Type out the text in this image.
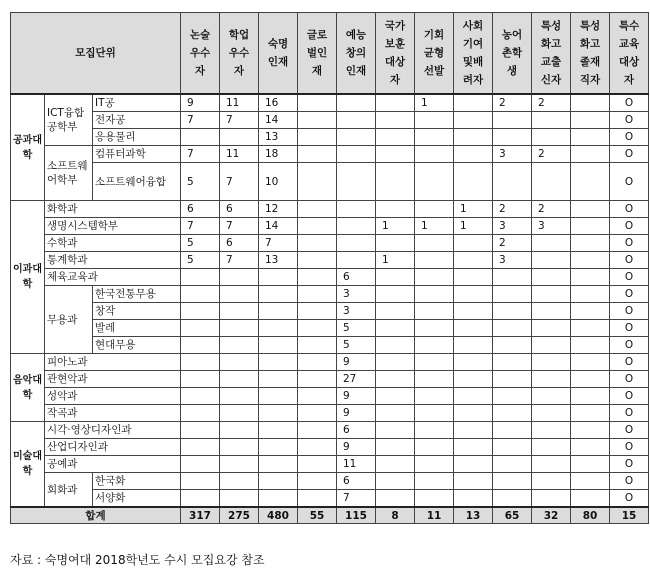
모집단위			논술우수자	학업우수자	숙명인재	글로벌인재	예능창의인재	국가보훈대상자	기회균형선발	사회기여및배려자	농어촌학생	특성화고교출신자	특성화고졸재직자	특수교육대상자
공과대학	ICT융합공학부	IT공	9	11	16				1		2	2		O
		전자공	7	7	14									O
		응용물리			13									O
	소프트웨어학부	컴퓨터과학	7	11	18						3	2		O
		소프트웨어융합	5	7	10									O
이과대학	화학과		6	6	12					1	2	2		O
	생명시스템학부		7	7	14			1	1	1	3	3		O
	수학과		5	6	7						2			O
	통계학과		5	7	13			1			3			O
	체육교육과						6							O
	무용과	한국전통무용					3							O
		창작					3							O
		발레					5							O
		현대무용					5							O
음악대학	피아노과						9							O
	관현악과						27							O
	성악과						9							O
	작곡과						9							O
미술대학	시각·영상디자인과						6							O
	산업디자인과						9							O
	공예과						11							O
	회화과	한국화					6							O
		서양화					7							O
합계			317	275	480	55	115	8	11	13	65	32	80	15
자료 : 숙명여대 2018학년도 수시 모집요강 참조
